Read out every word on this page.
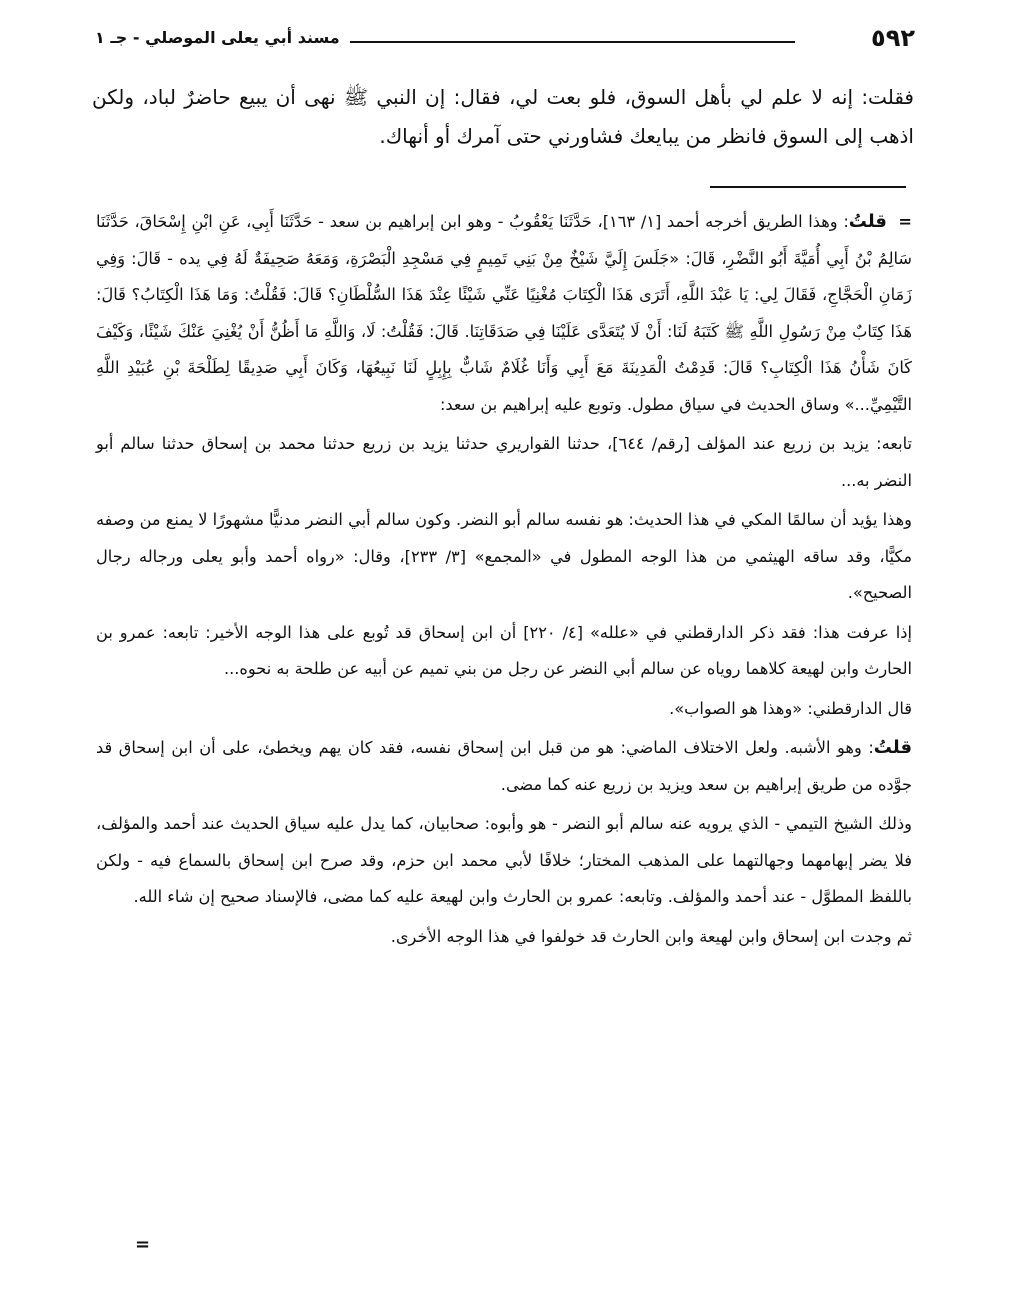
٥٩٢
مسند أبي يعلى الموصلي - جـ ١

فقلت: إنه لا علم لي بأهل السوق، فلو بعت لي، فقال: إن النبي ﷺ نهى أن يبيع حاضرٌ لباد، ولكن اذهب إلى السوق فانظر من يبايعك فشاورني حتى آمرك أو أنهاك.

=  قلتُ: وهذا الطريق أخرجه أحمد [١/ ١٦٣]، حَدَّثَنَا يَعْقُوبُ - وهو ابن إبراهيم بن سعد - حَدَّثَنَا أَبِي، عَنِ ابْنِ إِسْحَاقَ، حَدَّثَنَا سَالِمُ بْنُ أَبِي أُمَيَّةَ أَبُو النَّضْرِ، قَالَ: «جَلَسَ إِلَيَّ شَيْخٌ مِنْ بَنِي تَمِيمٍ فِي مَسْجِدِ الْبَصْرَةِ، وَمَعَهُ صَحِيفَةٌ لَهُ فِي يده - قَالَ: وَفِي زَمَانِ الْحَجَّاجِ، فَقَالَ لِي: يَا عَبْدَ اللَّهِ، أَتَرَى هَذَا الْكِتَابَ مُغْنِيًا عَنِّي شَيْئًا عِنْدَ هَذَا السُّلْطَانِ؟ قَالَ: فَقُلْتُ: وَمَا هَذَا الْكِتَابُ؟ قَالَ: هَذَا كِتَابٌ مِنْ رَسُولِ اللَّهِ ﷺ كَتَبَهُ لَنَا: أَنْ لَا يُتَعَدَّى عَلَيْنَا فِي صَدَقَاتِنَا. قَالَ: فَقُلْتُ: لَا، وَاللَّهِ مَا أَظُنُّ أَنْ يُغْنِيَ عَنْكَ شَيْئًا، وَكَيْفَ كَانَ شَأْنُ هَذَا الْكِتَابِ؟ قَالَ: قَدِمْتُ الْمَدِينَةَ مَعَ أَبِي وَأَنَا غُلَامٌ شَابٌّ بِإِبِلٍ لَنَا نَبِيعُهَا، وَكَانَ أَبِي صَدِيقًا لِطَلْحَةَ بْنِ عُبَيْدِ اللَّهِ التَّيْمِيِّ...» وساق الحديث في سياق مطول. وتوبع عليه إبراهيم بن سعد:

تابعه: يزيد بن زريع عند المؤلف [رقم/ ٦٤٤]، حدثنا القواريري حدثنا يزيد بن زريع حدثنا محمد بن إسحاق حدثنا سالم أبو النضر به...

وهذا يؤيد أن سالمًا المكي في هذا الحديث: هو نفسه سالم أبو النضر. وكون سالم أبي النضر مدنيًّا مشهورًا لا يمنع من وصفه مكيًّا، وقد ساقه الهيثمي من هذا الوجه المطول في «المجمع» [٣/ ٢٣٣]، وقال: «رواه أحمد وأبو يعلى ورجاله رجال الصحيح».

إذا عرفت هذا: فقد ذكر الدارقطني في «علله» [٤/ ٢٢٠] أن ابن إسحاق قد تُوبع على هذا الوجه الأخير: تابعه: عمرو بن الحارث وابن لهيعة كلاهما روياه عن سالم أبي النضر عن رجل من بني تميم عن أبيه عن طلحة به نحوه...

قال الدارقطني: «وهذا هو الصواب».

قلتُ: وهو الأشبه. ولعل الاختلاف الماضي: هو من قبل ابن إسحاق نفسه، فقد كان يهم ويخطئ، على أن ابن إسحاق قد جوَّده من طريق إبراهيم بن سعد ويزيد بن زريع عنه كما مضى.

وذلك الشيخ التيمي - الذي يرويه عنه سالم أبو النضر - هو وأبوه: صحابيان، كما يدل عليه سياق الحديث عند أحمد والمؤلف، فلا يضر إبهامهما وجهالتهما على المذهب المختار؛ خلافًا لأبي محمد ابن حزم، وقد صرح ابن إسحاق بالسماع فيه - ولكن باللفظ المطوَّل - عند أحمد والمؤلف. وتابعه: عمرو بن الحارث وابن لهيعة عليه كما مضى، فالإسناد صحيح إن شاء الله.

ثم وجدت ابن إسحاق وابن لهيعة وابن الحارث قد خولفوا في هذا الوجه الأخرى.

=
